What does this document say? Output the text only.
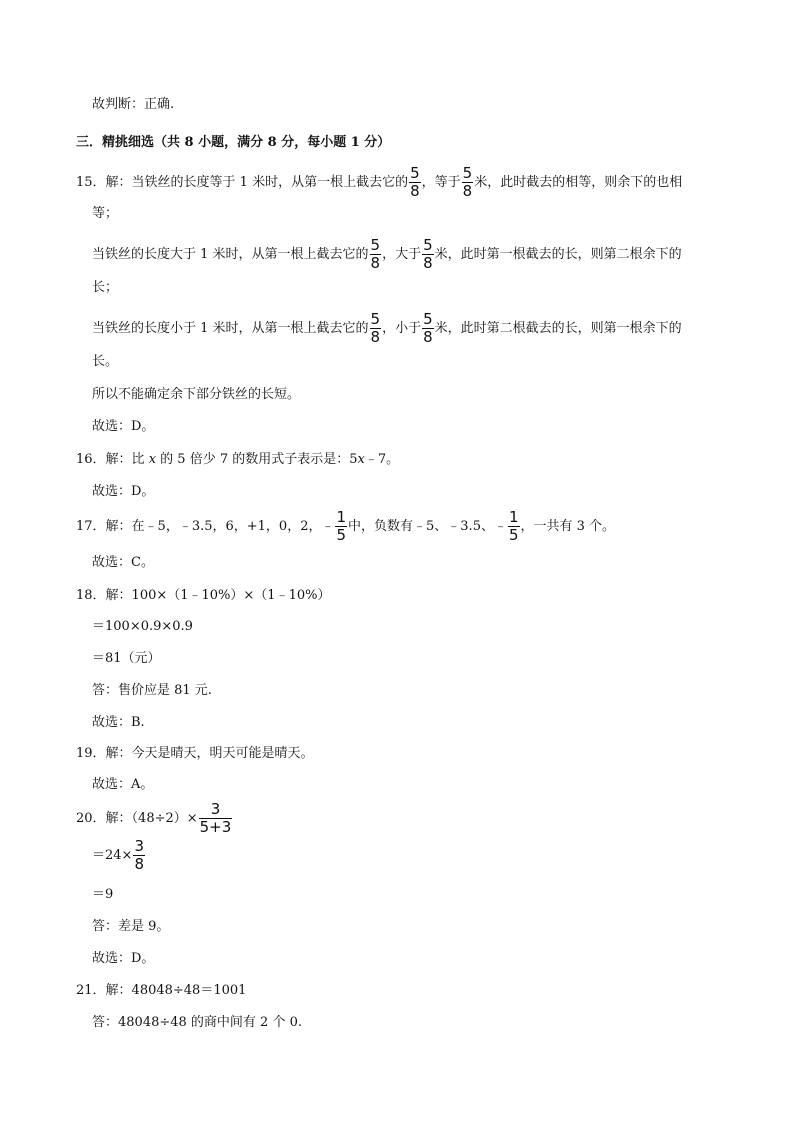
故判断：正确.
三．精挑细选（共 8 小题，满分 8 分，每小题 1 分）
15．解：当铁丝的长度等于 1 米时，从第一根上截去它的 $\frac{5}{8}$ ，等于 $\frac{5}{8}$ 米，此时截去的相等，则余下的也相
等；
当铁丝的长度大于 1 米时，从第一根上截去它的 $\frac{5}{8}$ ，大于 $\frac{5}{8}$ 米，此时第一根截去的长，则第二根余下的
长；
当铁丝的长度小于 1 米时，从第一根上截去它的 $\frac{5}{8}$ ，小于 $\frac{5}{8}$ 米，此时第二根截去的长，则第一根余下的
长。
所以不能确定余下部分铁丝的长短。
故选：D。
16．解：比 x 的 5 倍少 7 的数用式子表示是：5x﹣7。
故选：D。
17．解：在﹣5，﹣3.5，6，+1，0，2，﹣ $\frac{1}{5}$ 中，负数有﹣5、﹣3.5、﹣ $\frac{1}{5}$ ，一共有 3 个。
故选：C。
18．解：100×（1﹣10%）×（1﹣10%）
＝100×0.9×0.9
＝81（元）
答：售价应是 81 元.
故选：B.
19．解：今天是晴天，明天可能是晴天。
故选：A。
20．解：$(48\div 2)\times \frac{3}{5+3}$
$=24\times \frac{3}{8}$
＝9
答：差是 9。
故选：D。
21．解：48048÷48＝1001
答：48048÷48 的商中间有 2 个 0.
